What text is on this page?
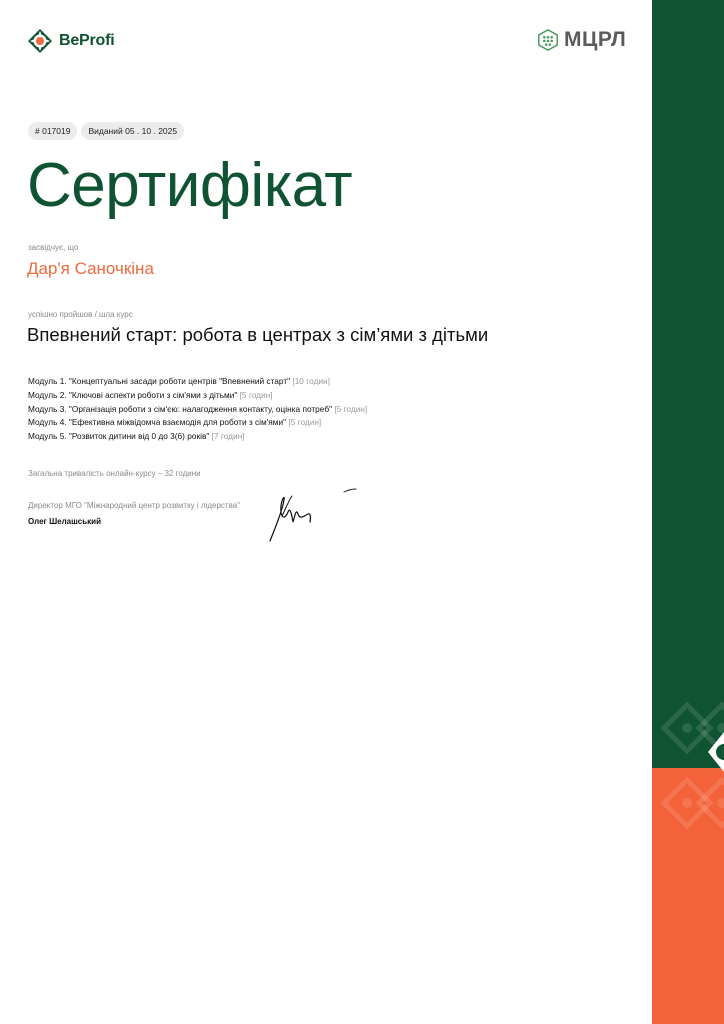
BeProfi	МЦРЛ
# 017019	Виданий 05 . 10 . 2025
Сертифікат
засвідчує, що
Дар'я Саночкіна
успішно пройшов / шла курс
Впевнений старт: робота в центрах з сім’ями з дітьми
Модуль 1. "Концептуальні засади роботи центрів "Впевнений старт" [10 годин]
Модуль 2. "Ключові аспекти роботи з сім'ями з дітьми" [5 годин]
Модуль 3. "Організація роботи з сім'єю: налагодження контакту, оцінка потреб" [5 годин]
Модуль 4. "Ефективна міжвідомча взаємодія для роботи з сім'ями" [5 годин]
Модуль 5. "Розвиток дитини від 0 до 3(6) років" [7 годин]
Загальна тривалість онлайн-курсу – 32 години
Директор МГО "Міжнародний центр розвитку і лідерства"
Олег Шелашський
